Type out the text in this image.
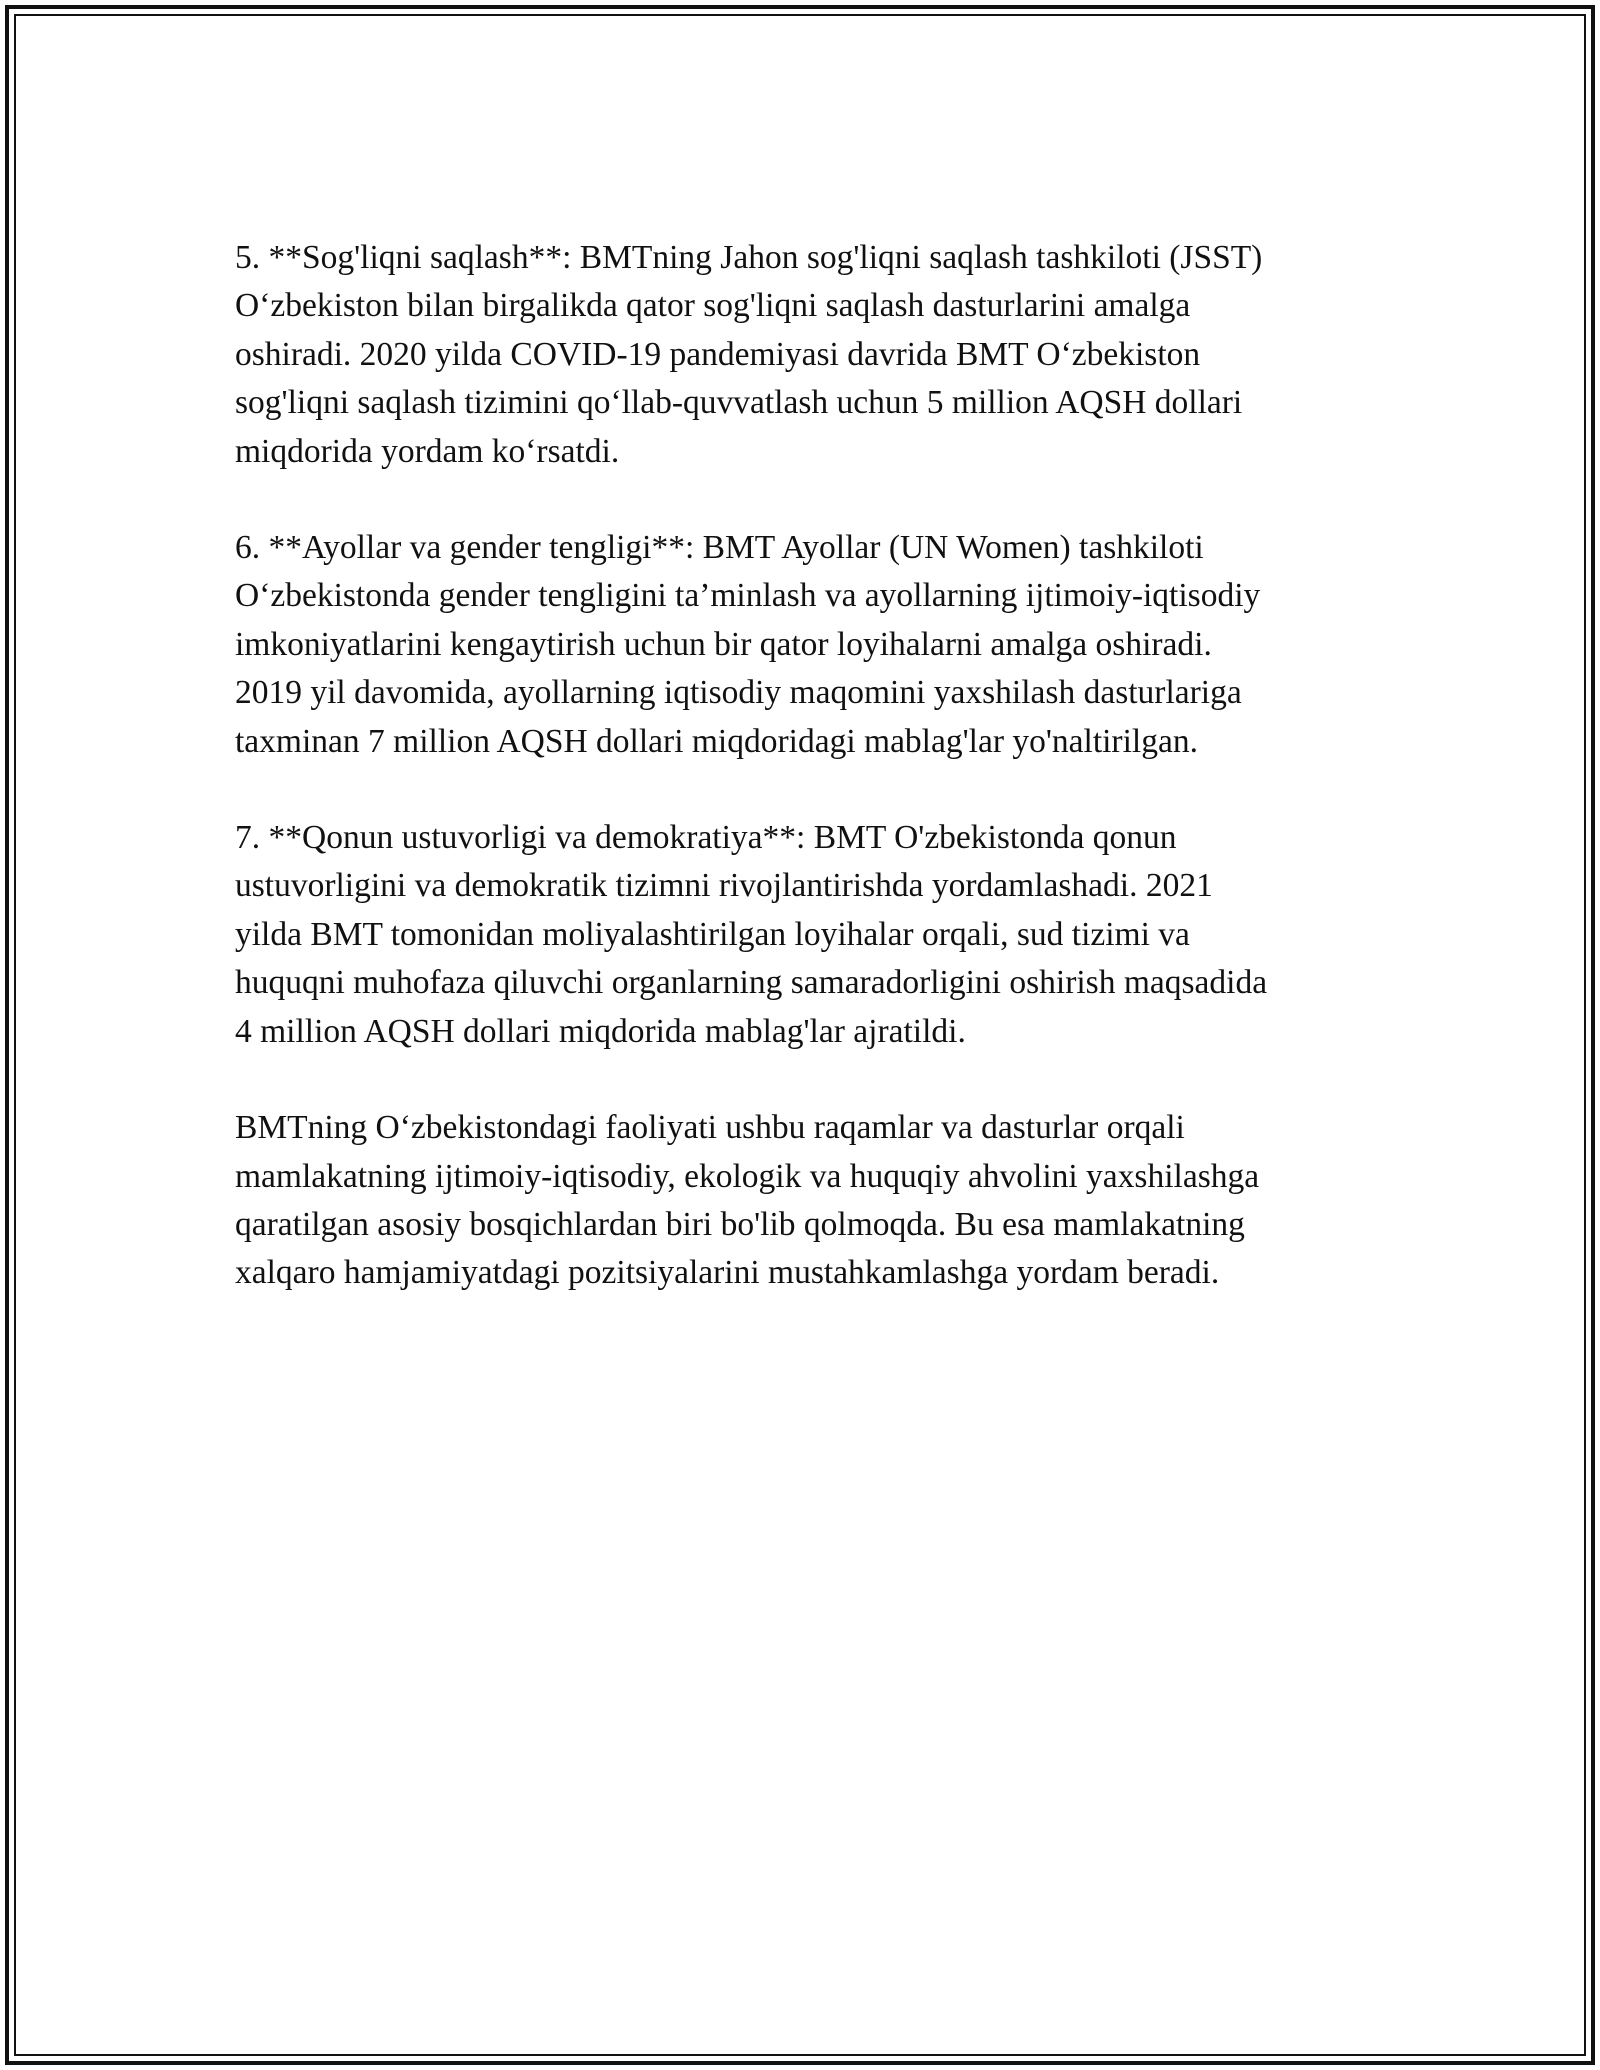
5. **Sog'liqni saqlash**: BMTning Jahon sog'liqni saqlash tashkiloti (JSST)
O‘zbekiston bilan birgalikda qator sog'liqni saqlash dasturlarini amalga
oshiradi. 2020 yilda COVID-19 pandemiyasi davrida BMT O‘zbekiston
sog'liqni saqlash tizimini qo‘llab-quvvatlash uchun 5 million AQSH dollari
miqdorida yordam ko‘rsatdi.

6. **Ayollar va gender tengligi**: BMT Ayollar (UN Women) tashkiloti
O‘zbekistonda gender tengligini ta’minlash va ayollarning ijtimoiy-iqtisodiy
imkoniyatlarini kengaytirish uchun bir qator loyihalarni amalga oshiradi.
2019 yil davomida, ayollarning iqtisodiy maqomini yaxshilash dasturlariga
taxminan 7 million AQSH dollari miqdoridagi mablag'lar yo'naltirilgan.

7. **Qonun ustuvorligi va demokratiya**: BMT O'zbekistonda qonun
ustuvorligini va demokratik tizimni rivojlantirishda yordamlashadi. 2021
yilda BMT tomonidan moliyalashtirilgan loyihalar orqali, sud tizimi va
huquqni muhofaza qiluvchi organlarning samaradorligini oshirish maqsadida
4 million AQSH dollari miqdorida mablag'lar ajratildi.

BMTning O‘zbekistondagi faoliyati ushbu raqamlar va dasturlar orqali
mamlakatning ijtimoiy-iqtisodiy, ekologik va huquqiy ahvolini yaxshilashga
qaratilgan asosiy bosqichlardan biri bo'lib qolmoqda. Bu esa mamlakatning
xalqaro hamjamiyatdagi pozitsiyalarini mustahkamlashga yordam beradi.
